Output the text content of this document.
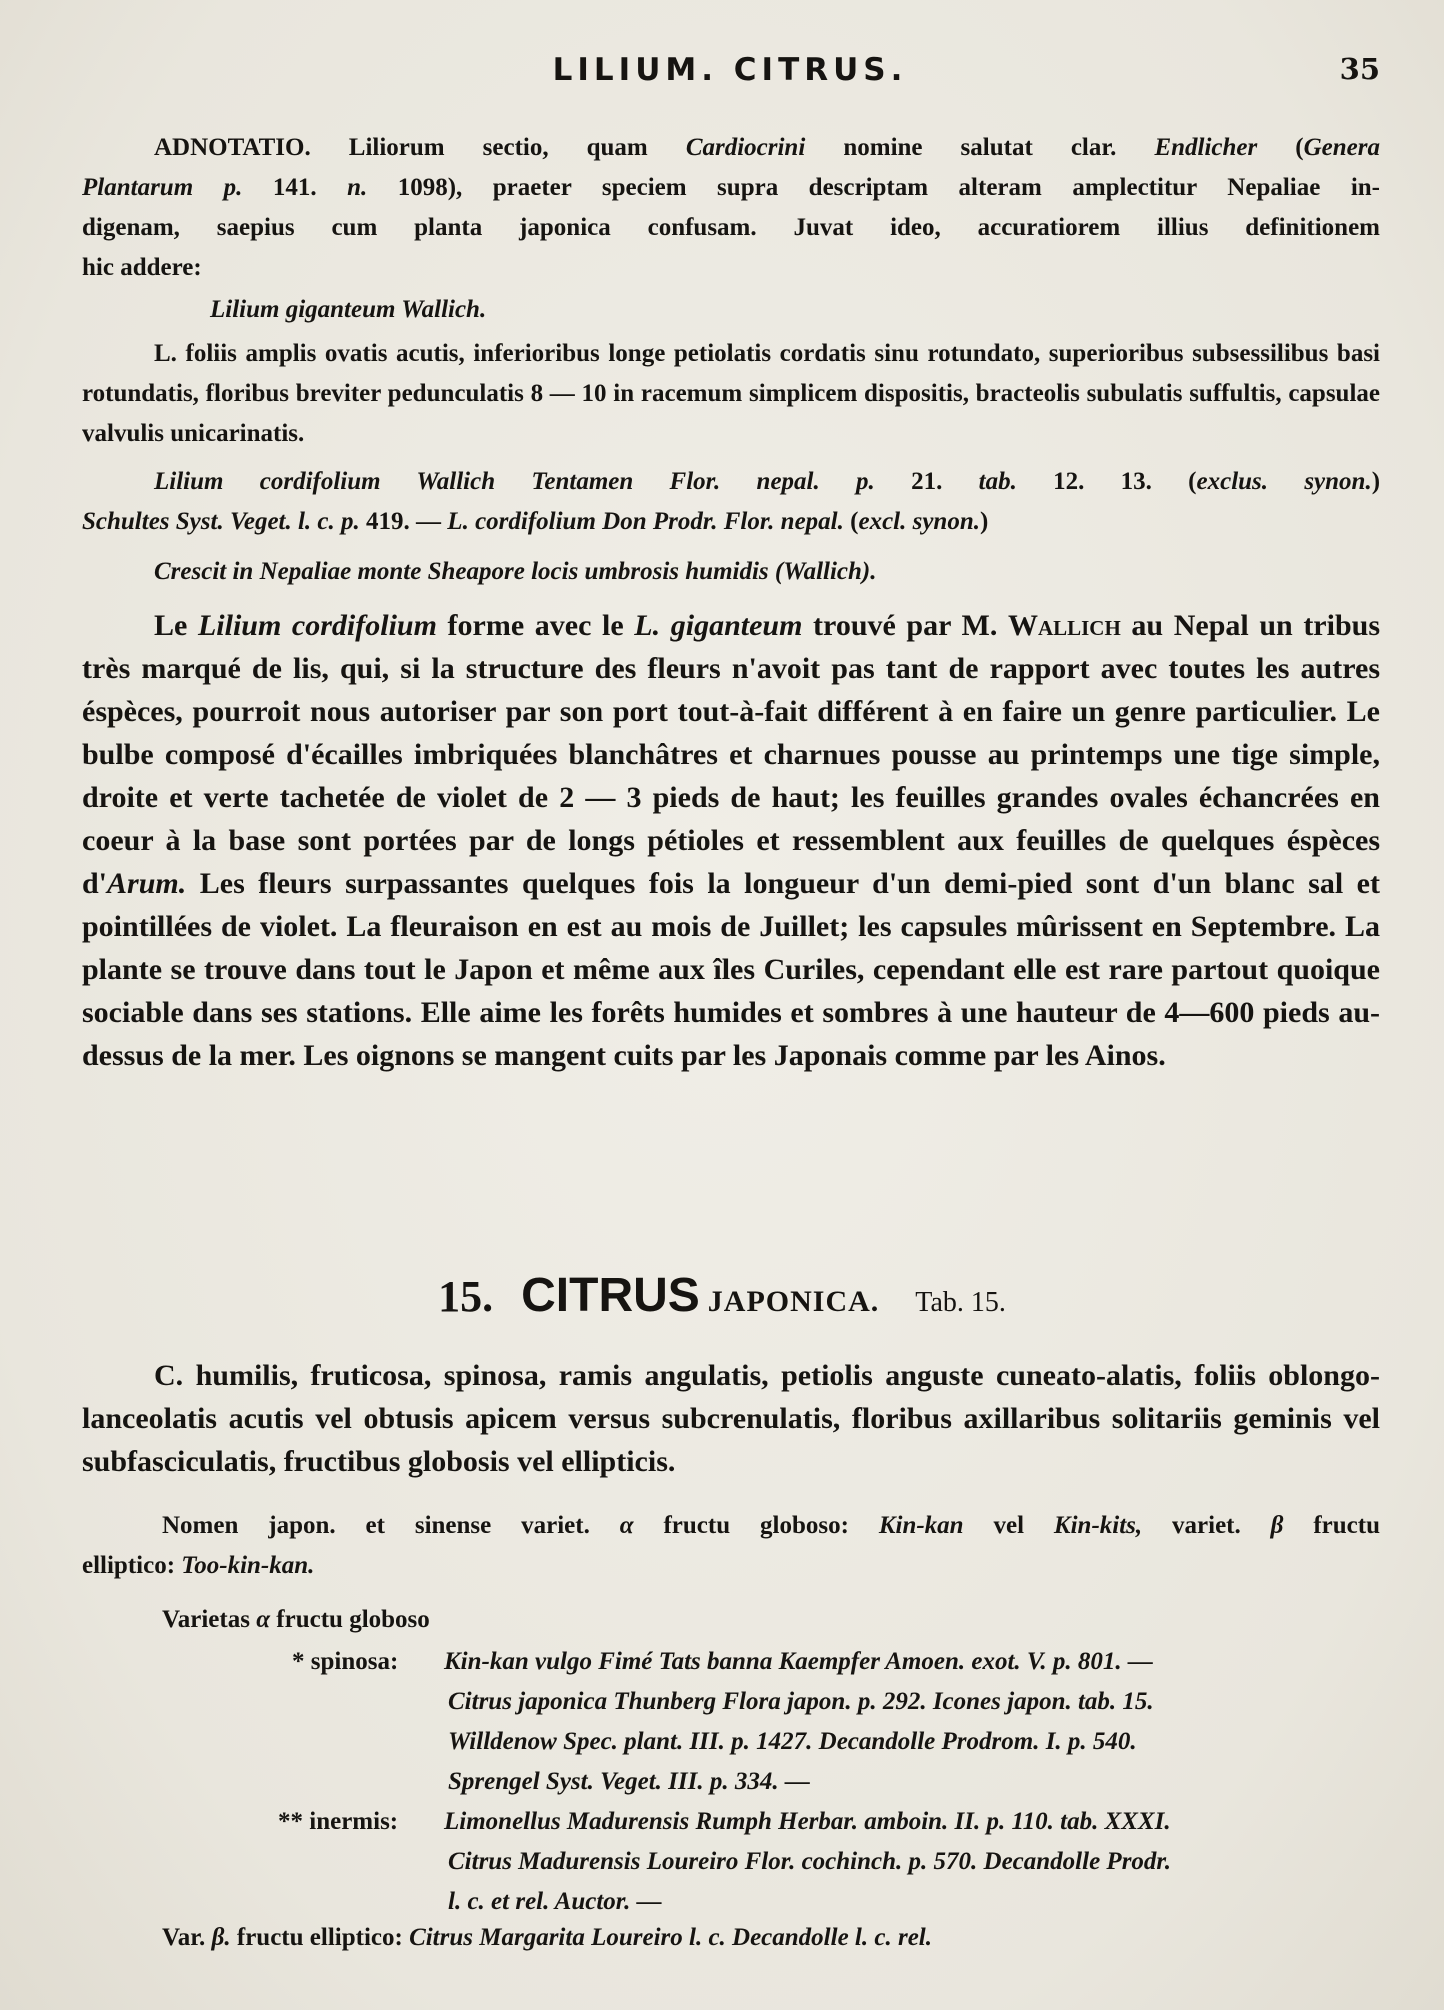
LILIUM. CITRUS.	35
ADNOTATIO. Liliorum sectio, quam Cardiocrini nomine salutat clar. Endlicher (Genera
Plantarum p. 141. n. 1098), praeter speciem supra descriptam alteram amplectitur Nepaliae in-
digenam, saepius cum planta japonica confusam. Juvat ideo, accuratiorem illius definitionem
hic addere:
Lilium giganteum Wallich.
L. foliis amplis ovatis acutis, inferioribus longe petiolatis cordatis sinu rotundato, superioribus subsessilibus basi rotundatis, floribus breviter pedunculatis 8 — 10 in racemum simplicem dispositis, bracteolis subulatis suffultis, capsulae valvulis unicarinatis.
Lilium cordifolium Wallich Tentamen Flor. nepal. p. 21. tab. 12. 13. (exclus. synon.)
Schultes Syst. Veget. l. c. p. 419. — L. cordifolium Don Prodr. Flor. nepal. (excl. synon.)
Crescit in Nepaliae monte Sheapore locis umbrosis humidis (Wallich).
Le Lilium cordifolium forme avec le L. giganteum trouvé par M. Wallich au Nepal un tribus très marqué de lis, qui, si la structure des fleurs n'avoit pas tant de rapport avec toutes les autres éspèces, pourroit nous autoriser par son port tout-à-fait différent à en faire un genre particulier. Le bulbe composé d'écailles imbriquées blanchâtres et charnues pousse au printemps une tige simple, droite et verte tachetée de violet de 2 — 3 pieds de haut; les feuilles grandes ovales échancrées en coeur à la base sont portées par de longs pétioles et ressemblent aux feuilles de quelques éspèces d'Arum. Les fleurs surpassantes quelques fois la longueur d'un demi-pied sont d'un blanc sal et pointillées de violet. La fleuraison en est au mois de Juillet; les capsules mûrissent en Septembre. La plante se trouve dans tout le Japon et même aux îles Curiles, cependant elle est rare partout quoique sociable dans ses stations. Elle aime les forêts humides et sombres à une hauteur de 4—600 pieds au-dessus de la mer. Les oignons se mangent cuits par les Japonais comme par les Ainos.
15. CITRUS JAPONICA. Tab. 15.
C. humilis, fruticosa, spinosa, ramis angulatis, petiolis anguste cuneato-alatis, foliis oblongo-lanceolatis acutis vel obtusis apicem versus subcrenulatis, floribus axillaribus solitariis geminis vel subfasciculatis, fructibus globosis vel ellipticis.
Nomen japon. et sinense variet. α fructu globoso: Kin-kan vel Kin-kits, variet. β fructu
elliptico: Too-kin-kan.
Varietas α fructu globoso
* spinosa: Kin-kan vulgo Fimé Tats banna Kaempfer Amoen. exot. V. p. 801. —
Citrus japonica Thunberg Flora japon. p. 292. Icones japon. tab. 15.
Willdenow Spec. plant. III. p. 1427. Decandolle Prodrom. I. p. 540.
Sprengel Syst. Veget. III. p. 334. —
** inermis: Limonellus Madurensis Rumph Herbar. amboin. II. p. 110. tab. XXXI.
Citrus Madurensis Loureiro Flor. cochinch. p. 570. Decandolle Prodr.
l. c. et rel. Auctor. —
Var. β. fructu elliptico: Citrus Margarita Loureiro l. c. Decandolle l. c. rel.
